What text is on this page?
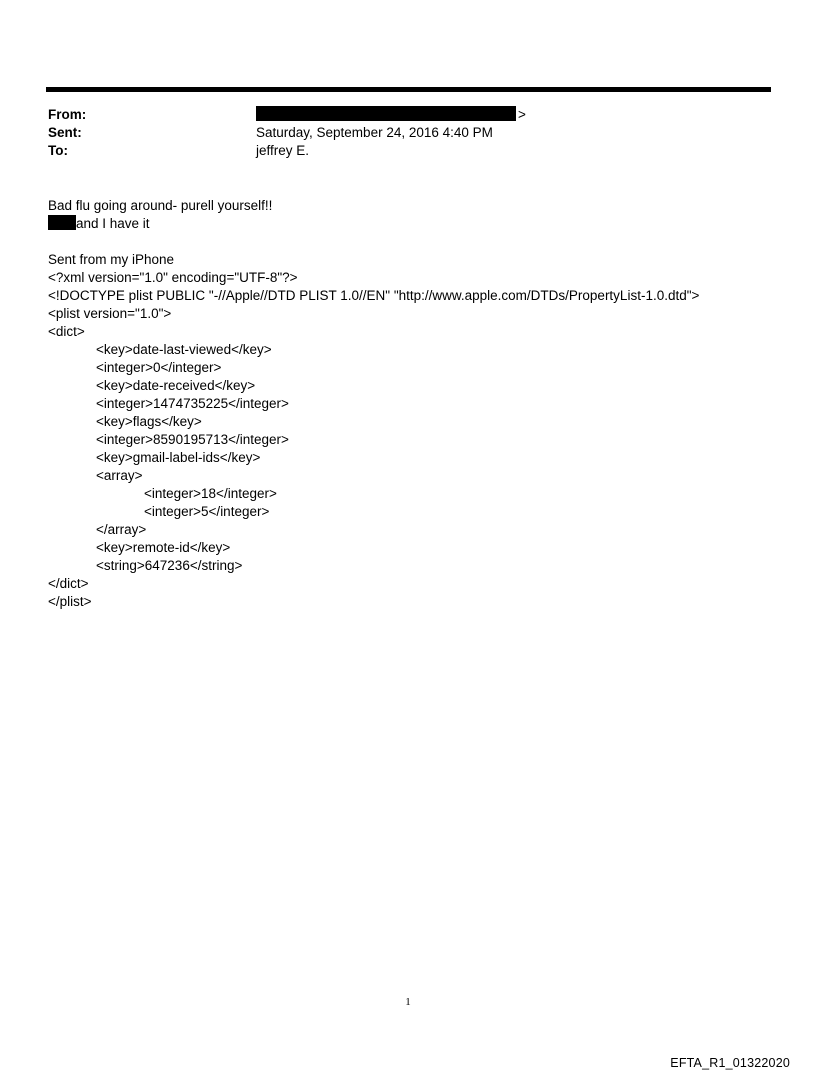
From:	>
Sent:	Saturday, September 24, 2016 4:40 PM
To:	jeffrey E.
Bad flu going around- purell yourself!!
and I have it
Sent from my iPhone
<?xml version="1.0" encoding="UTF-8"?>
<!DOCTYPE plist PUBLIC "-//Apple//DTD PLIST 1.0//EN" "http://www.apple.com/DTDs/PropertyList-1.0.dtd">
<plist version="1.0">
<dict>
<key>date-last-viewed</key>
<integer>0</integer>
<key>date-received</key>
<integer>1474735225</integer>
<key>flags</key>
<integer>8590195713</integer>
<key>gmail-label-ids</key>
<array>
<integer>18</integer>
<integer>5</integer>
</array>
<key>remote-id</key>
<string>647236</string>
</dict>
</plist>
1
EFTA_R1_01322020
